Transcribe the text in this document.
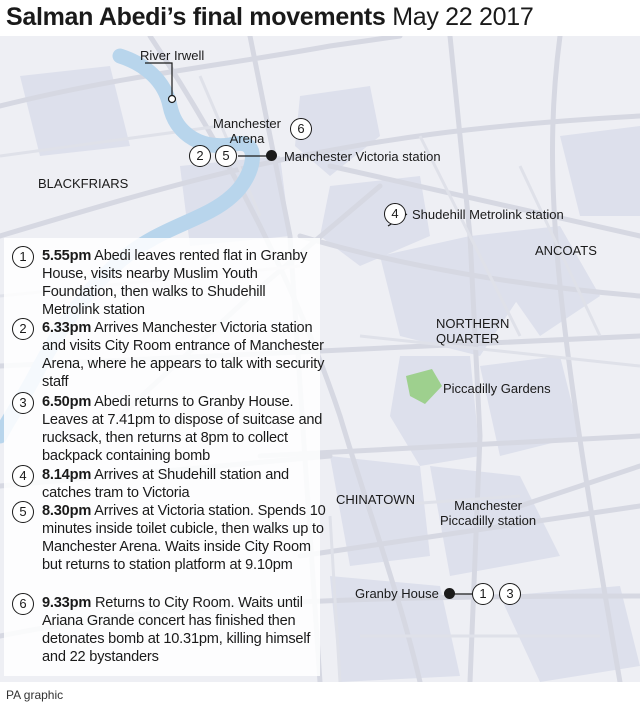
Salman Abedi’s final movements May 22 2017
River Irwell
Manchester
Arena
6
2	5	Manchester Victoria station
BLACKFRIARS
4	Shudehill Metrolink station
ANCOATS
NORTHERN
QUARTER
Piccadilly Gardens
CHINATOWN	Manchester
Piccadilly station
Granby House	1	3
1	5.55pm Abedi leaves rented flat in Granby House, visits nearby Muslim Youth Foundation, then walks to Shudehill Metrolink station
2	6.33pm Arrives Manchester Victoria station and visits City Room entrance of Manchester Arena, where he appears to talk with security staff
3	6.50pm Abedi returns to Granby House. Leaves at 7.41pm to dispose of suitcase and rucksack, then returns at 8pm to collect backpack containing bomb
4	8.14pm Arrives at Shudehill station and catches tram to Victoria
5	8.30pm Arrives at Victoria station. Spends 10 minutes inside toilet cubicle, then walks up to Manchester Arena. Waits inside City Room but returns to station platform at 9.10pm
6	9.33pm Returns to City Room. Waits until Ariana Grande concert has finished then detonates bomb at 10.31pm, killing himself and 22 bystanders
PA graphic
